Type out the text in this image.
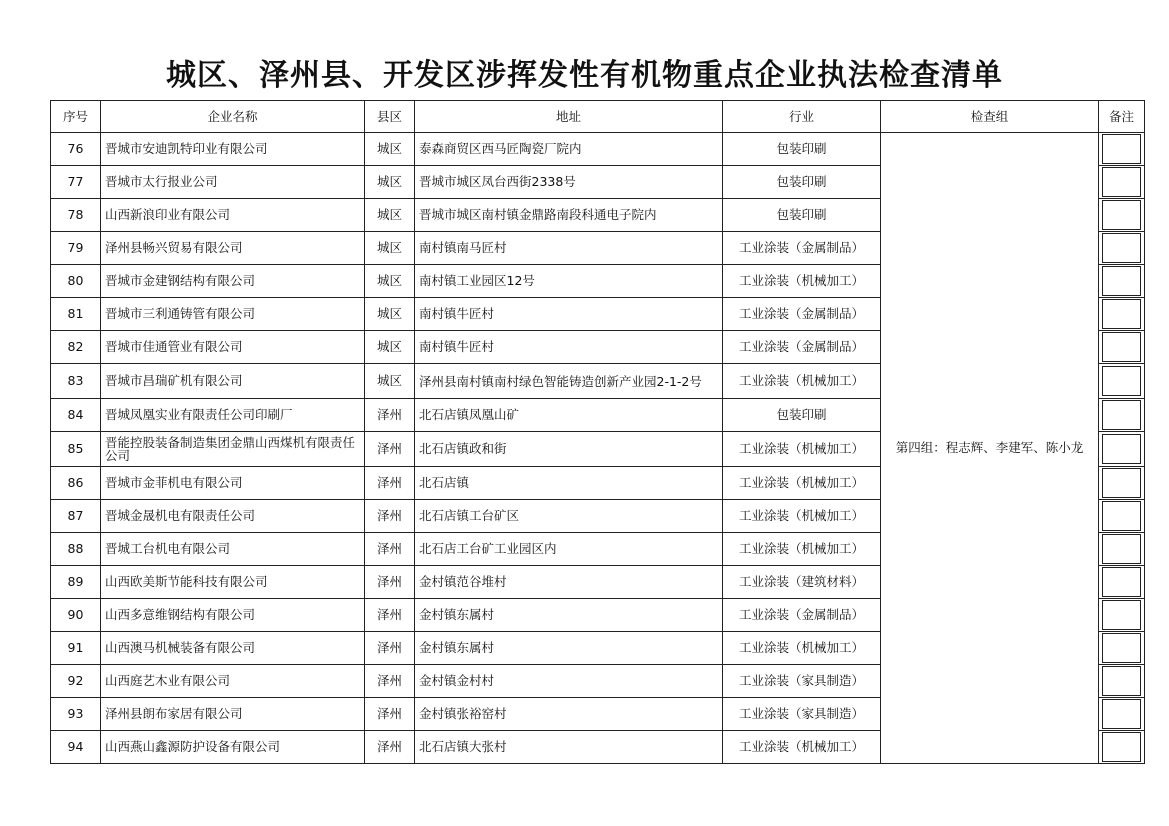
城区、泽州县、开发区涉挥发性有机物重点企业执法检查清单
序号	企业名称	县区	地址	行业	检查组	备注
76	晋城市安迪凯特印业有限公司	城区	泰森商贸区西马匠陶瓷厂院内	包装印刷	第四组：程志辉、李建军、陈小龙	

77	晋城市太行报业公司	城区	晋城市城区凤台西街2338号	包装印刷		

78	山西新浪印业有限公司	城区	晋城市城区南村镇金鼎路南段科通电子院内	包装印刷		

79	泽州县畅兴贸易有限公司	城区	南村镇南马匠村	工业涂装（金属制品）		

80	晋城市金建钢结构有限公司	城区	南村镇工业园区12号	工业涂装（机械加工）		

81	晋城市三利通铸管有限公司	城区	南村镇牛匠村	工业涂装（金属制品）		

82	晋城市佳通管业有限公司	城区	南村镇牛匠村	工业涂装（金属制品）		

83	晋城市昌瑞矿机有限公司	城区	泽州县南村镇南村绿色智能铸造创新产业园2-1-2号	工业涂装（机械加工）		

84	晋城凤凰实业有限责任公司印刷厂	泽州	北石店镇凤凰山矿	包装印刷		

85	晋能控股装备制造集团金鼎山西煤机有限责任公司	泽州	北石店镇政和街	工业涂装（机械加工）		

86	晋城市金菲机电有限公司	泽州	北石店镇	工业涂装（机械加工）		

87	晋城金晟机电有限责任公司	泽州	北石店镇工台矿区	工业涂装（机械加工）		

88	晋城工台机电有限公司	泽州	北石店工台矿工业园区内	工业涂装（机械加工）		

89	山西欧美斯节能科技有限公司	泽州	金村镇范谷堆村	工业涂装（建筑材料）		

90	山西多意维钢结构有限公司	泽州	金村镇东属村	工业涂装（金属制品）		

91	山西澳马机械装备有限公司	泽州	金村镇东属村	工业涂装（机械加工）		

92	山西庭艺木业有限公司	泽州	金村镇金村村	工业涂装（家具制造）		

93	泽州县朗布家居有限公司	泽州	金村镇张裕窑村	工业涂装（家具制造）		

94	山西燕山鑫源防护设备有限公司	泽州	北石店镇大张村	工业涂装（机械加工）		
